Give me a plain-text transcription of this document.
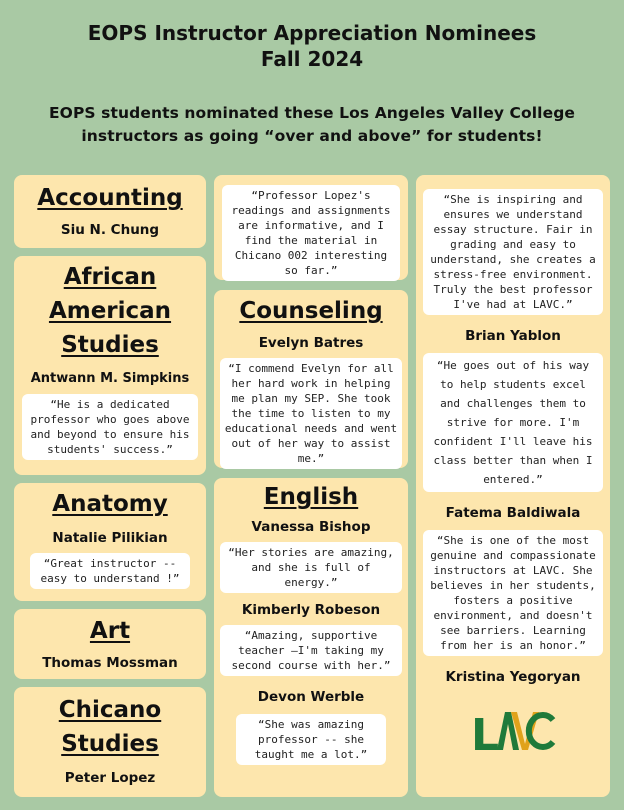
EOPS Instructor Appreciation Nominees
Fall 2024
EOPS students nominated these Los Angeles Valley College
instructors as going “over and above” for students!
Accounting
Siu N. Chung
African
American
Studies
Antwann M. Simpkins
“He is a dedicated professor who goes above and beyond to ensure his students' success.”
Anatomy
Natalie Pilikian
“Great instructor -- easy to understand !”
Art
Thomas Mossman
Chicano
Studies
Peter Lopez
“Professor Lopez's readings and assignments are informative, and I find the material in Chicano 002 interesting so far.”
Counseling
Evelyn Batres
“I commend Evelyn for all her hard work in helping me plan my SEP. She took the time to listen to my educational needs and went out of her way to assist me.”
English
Vanessa Bishop
“Her stories are amazing, and she is full of energy.”
Kimberly Robeson
“Amazing, supportive teacher —I'm taking my second course with her.”
Devon Werble
“She was amazing professor -- she taught me a lot.”
“She is inspiring and ensures we understand essay structure. Fair in grading and easy to understand, she creates a stress-free environment. Truly the best professor I've had at LAVC.”
Brian Yablon
“He goes out of his way to help students excel and challenges them to strive for more. I'm confident I'll leave his class better than when I entered.”
Fatema Baldiwala
“She is one of the most genuine and compassionate instructors at LAVC. She believes in her students, fosters a positive environment, and doesn't see barriers. Learning from her is an honor.”
Kristina Yegoryan
L
